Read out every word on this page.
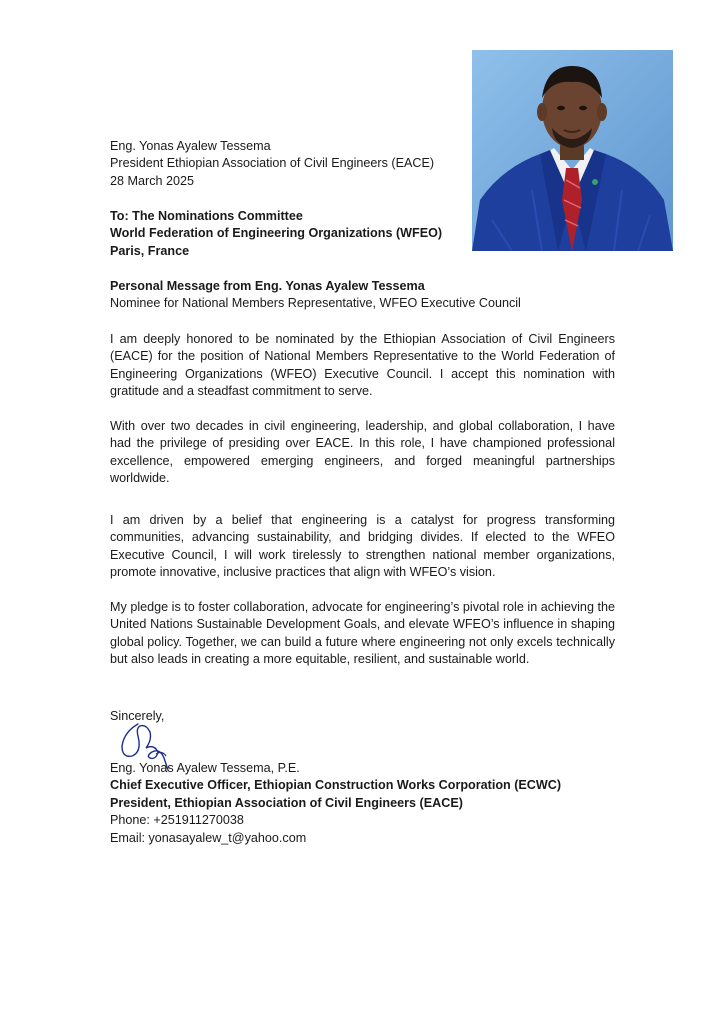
Eng. Yonas Ayalew Tessema

President Ethiopian Association of Civil Engineers (EACE)

28 March 2025

To: The Nominations Committee

World Federation of Engineering Organizations (WFEO)

Paris, France

Personal Message from Eng. Yonas Ayalew Tessema

Nominee for National Members Representative, WFEO Executive Council

I am deeply honored to be nominated by the Ethiopian Association of Civil Engineers (EACE) for the position of National Members Representative to the World Federation of Engineering Organizations (WFEO) Executive Council. I accept this nomination with gratitude and a steadfast commitment to serve.

With over two decades in civil engineering, leadership, and global collaboration, I have had the privilege of presiding over EACE. In this role, I have championed professional excellence, empowered emerging engineers, and forged meaningful partnerships worldwide.

I am driven by a belief that engineering is a catalyst for progress transforming communities, advancing sustainability, and bridging divides. If elected to the WFEO Executive Council, I will work tirelessly to strengthen national member organizations, promote innovative, inclusive practices that align with WFEO’s vision.

My pledge is to foster collaboration, advocate for engineering’s pivotal role in achieving the United Nations Sustainable Development Goals, and elevate WFEO’s influence in shaping global policy. Together, we can build a future where engineering not only excels technically but also leads in creating a more equitable, resilient, and sustainable world.

Sincerely,

Eng. Yonas Ayalew Tessema, P.E.

Chief Executive Officer, Ethiopian Construction Works Corporation (ECWC)

President, Ethiopian Association of Civil Engineers (EACE)

Phone: +251911270038

Email: yonasayalew_t@yahoo.com
